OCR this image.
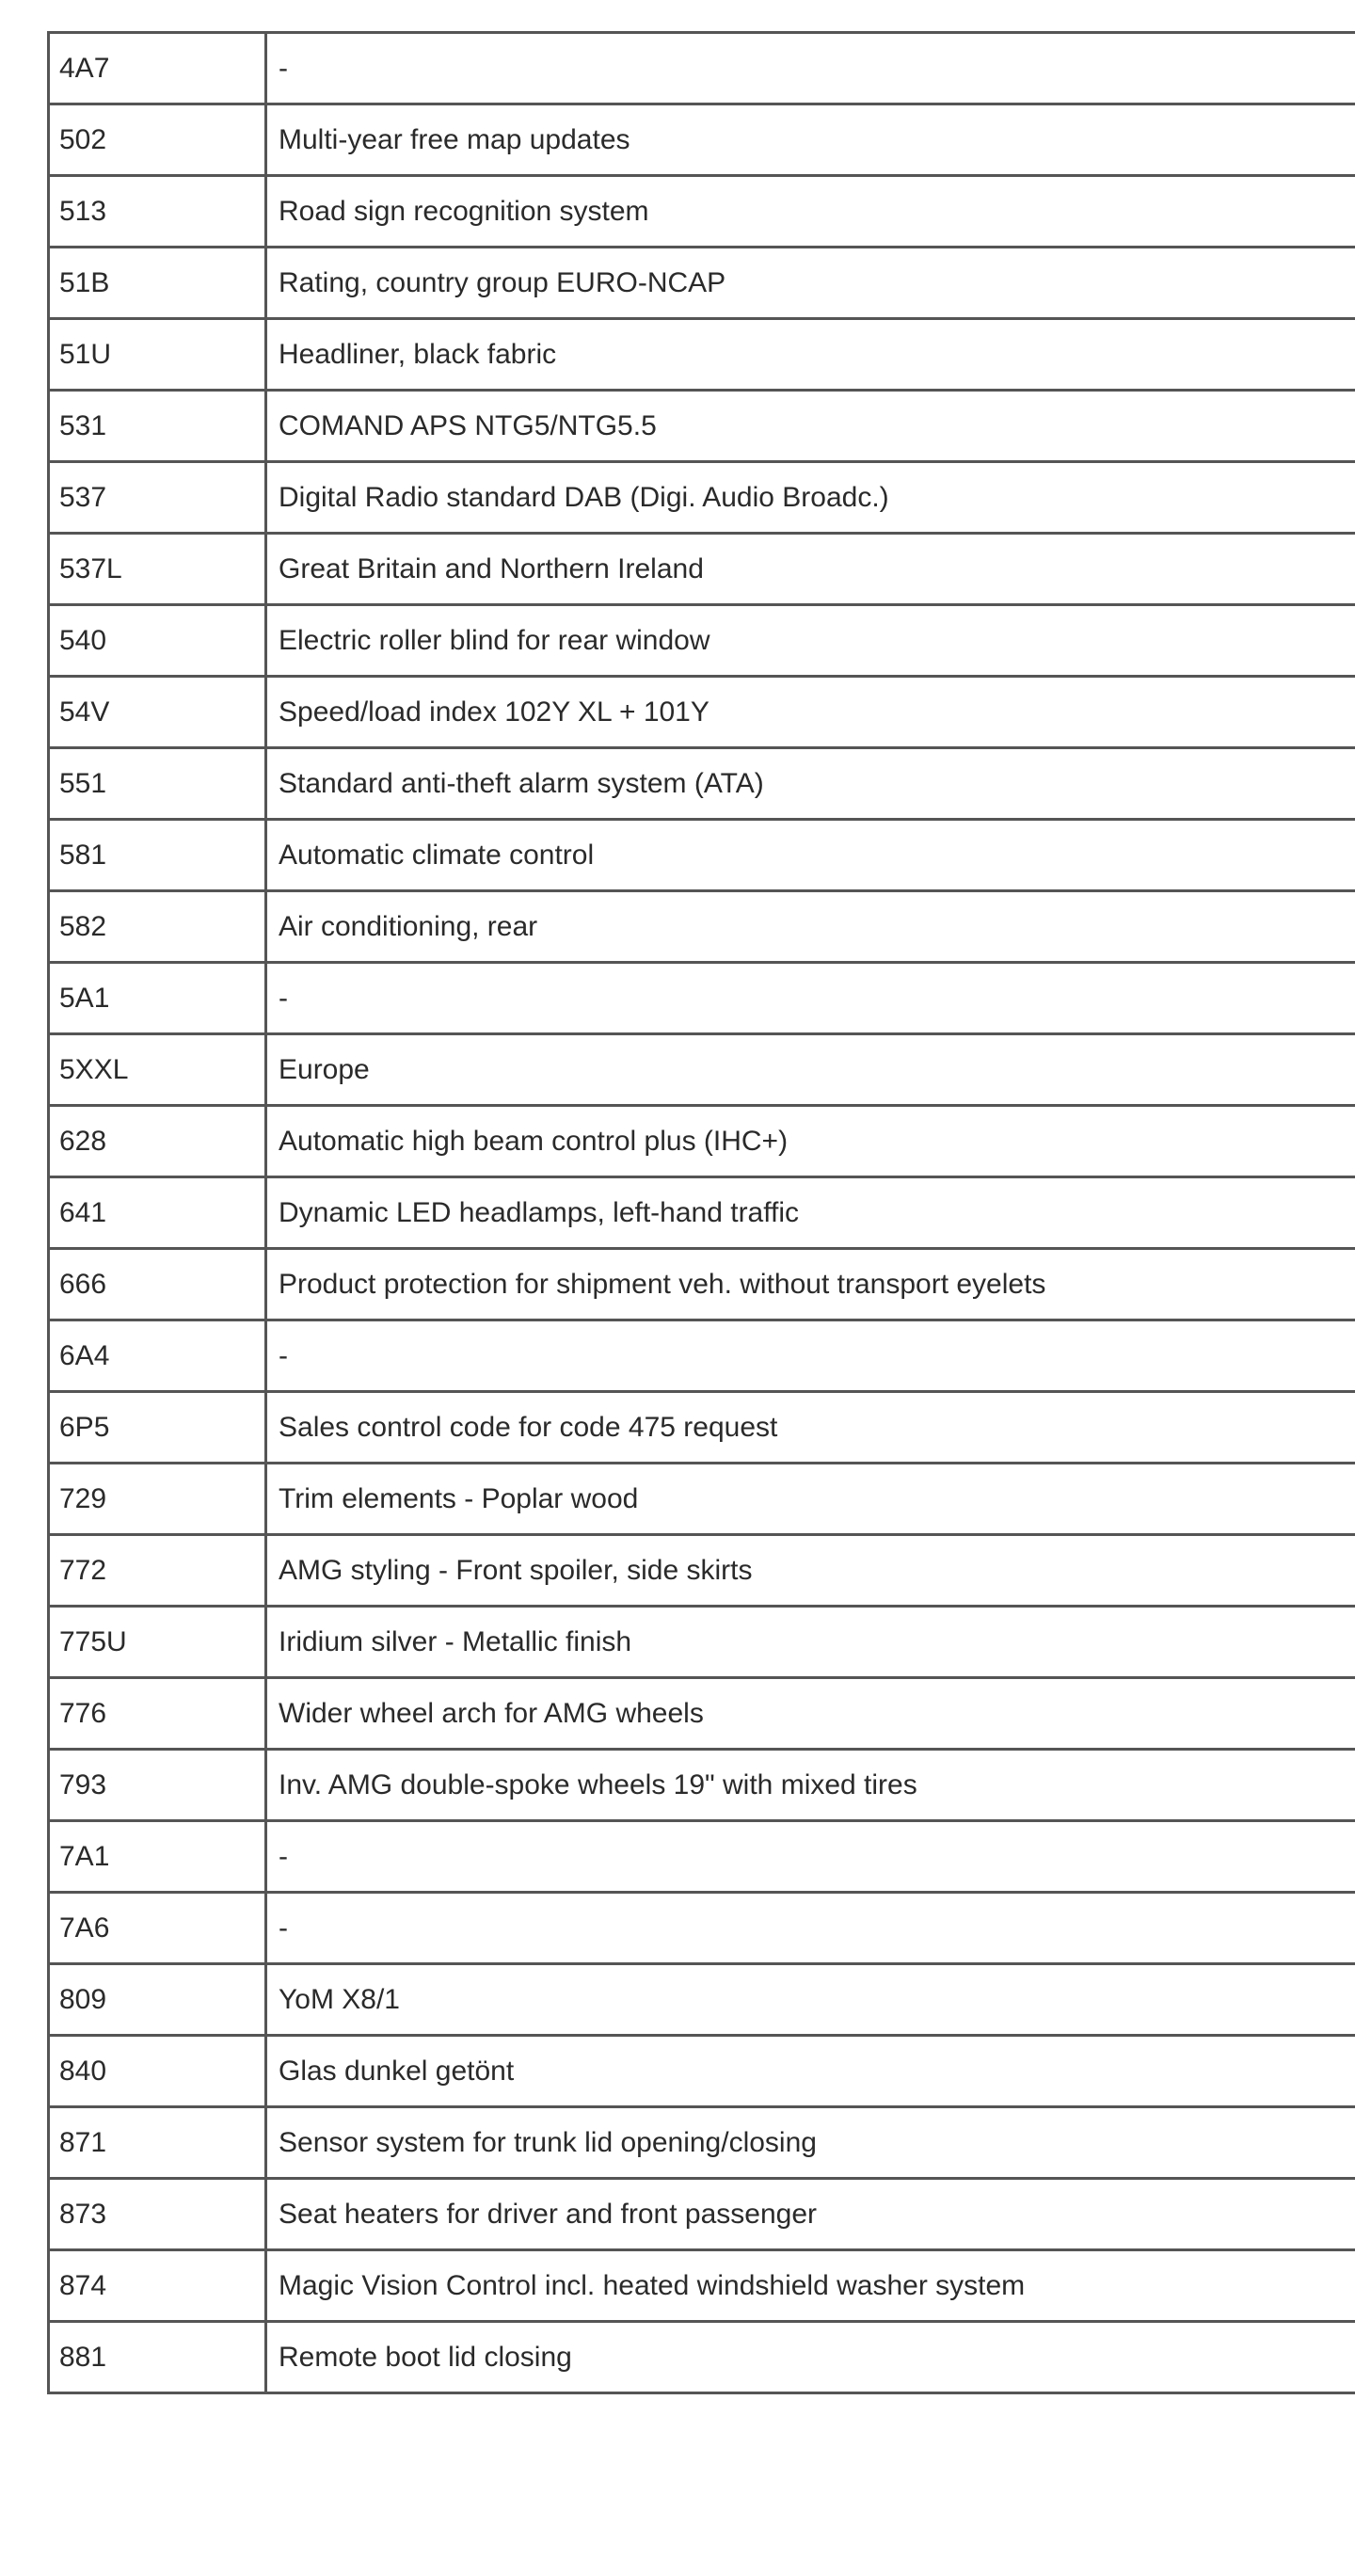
4A7	-
502	Multi-year free map updates
513	Road sign recognition system
51B	Rating, country group EURO-NCAP
51U	Headliner, black fabric
531	COMAND APS NTG5/NTG5.5
537	Digital Radio standard DAB (Digi. Audio Broadc.)
537L	Great Britain and Northern Ireland
540	Electric roller blind for rear window
54V	Speed/load index 102Y XL + 101Y
551	Standard anti-theft alarm system (ATA)
581	Automatic climate control
582	Air conditioning, rear
5A1	-
5XXL	Europe
628	Automatic high beam control plus (IHC+)
641	Dynamic LED headlamps, left-hand traffic
666	Product protection for shipment veh. without transport eyelets
6A4	-
6P5	Sales control code for code 475 request
729	Trim elements - Poplar wood
772	AMG styling - Front spoiler, side skirts
775U	Iridium silver - Metallic finish
776	Wider wheel arch for AMG wheels
793	Inv. AMG double-spoke wheels 19" with mixed tires
7A1	-
7A6	-
809	YoM X8/1
840	Glas dunkel getönt
871	Sensor system for trunk lid opening/closing
873	Seat heaters for driver and front passenger
874	Magic Vision Control incl. heated windshield washer system
881	Remote boot lid closing
